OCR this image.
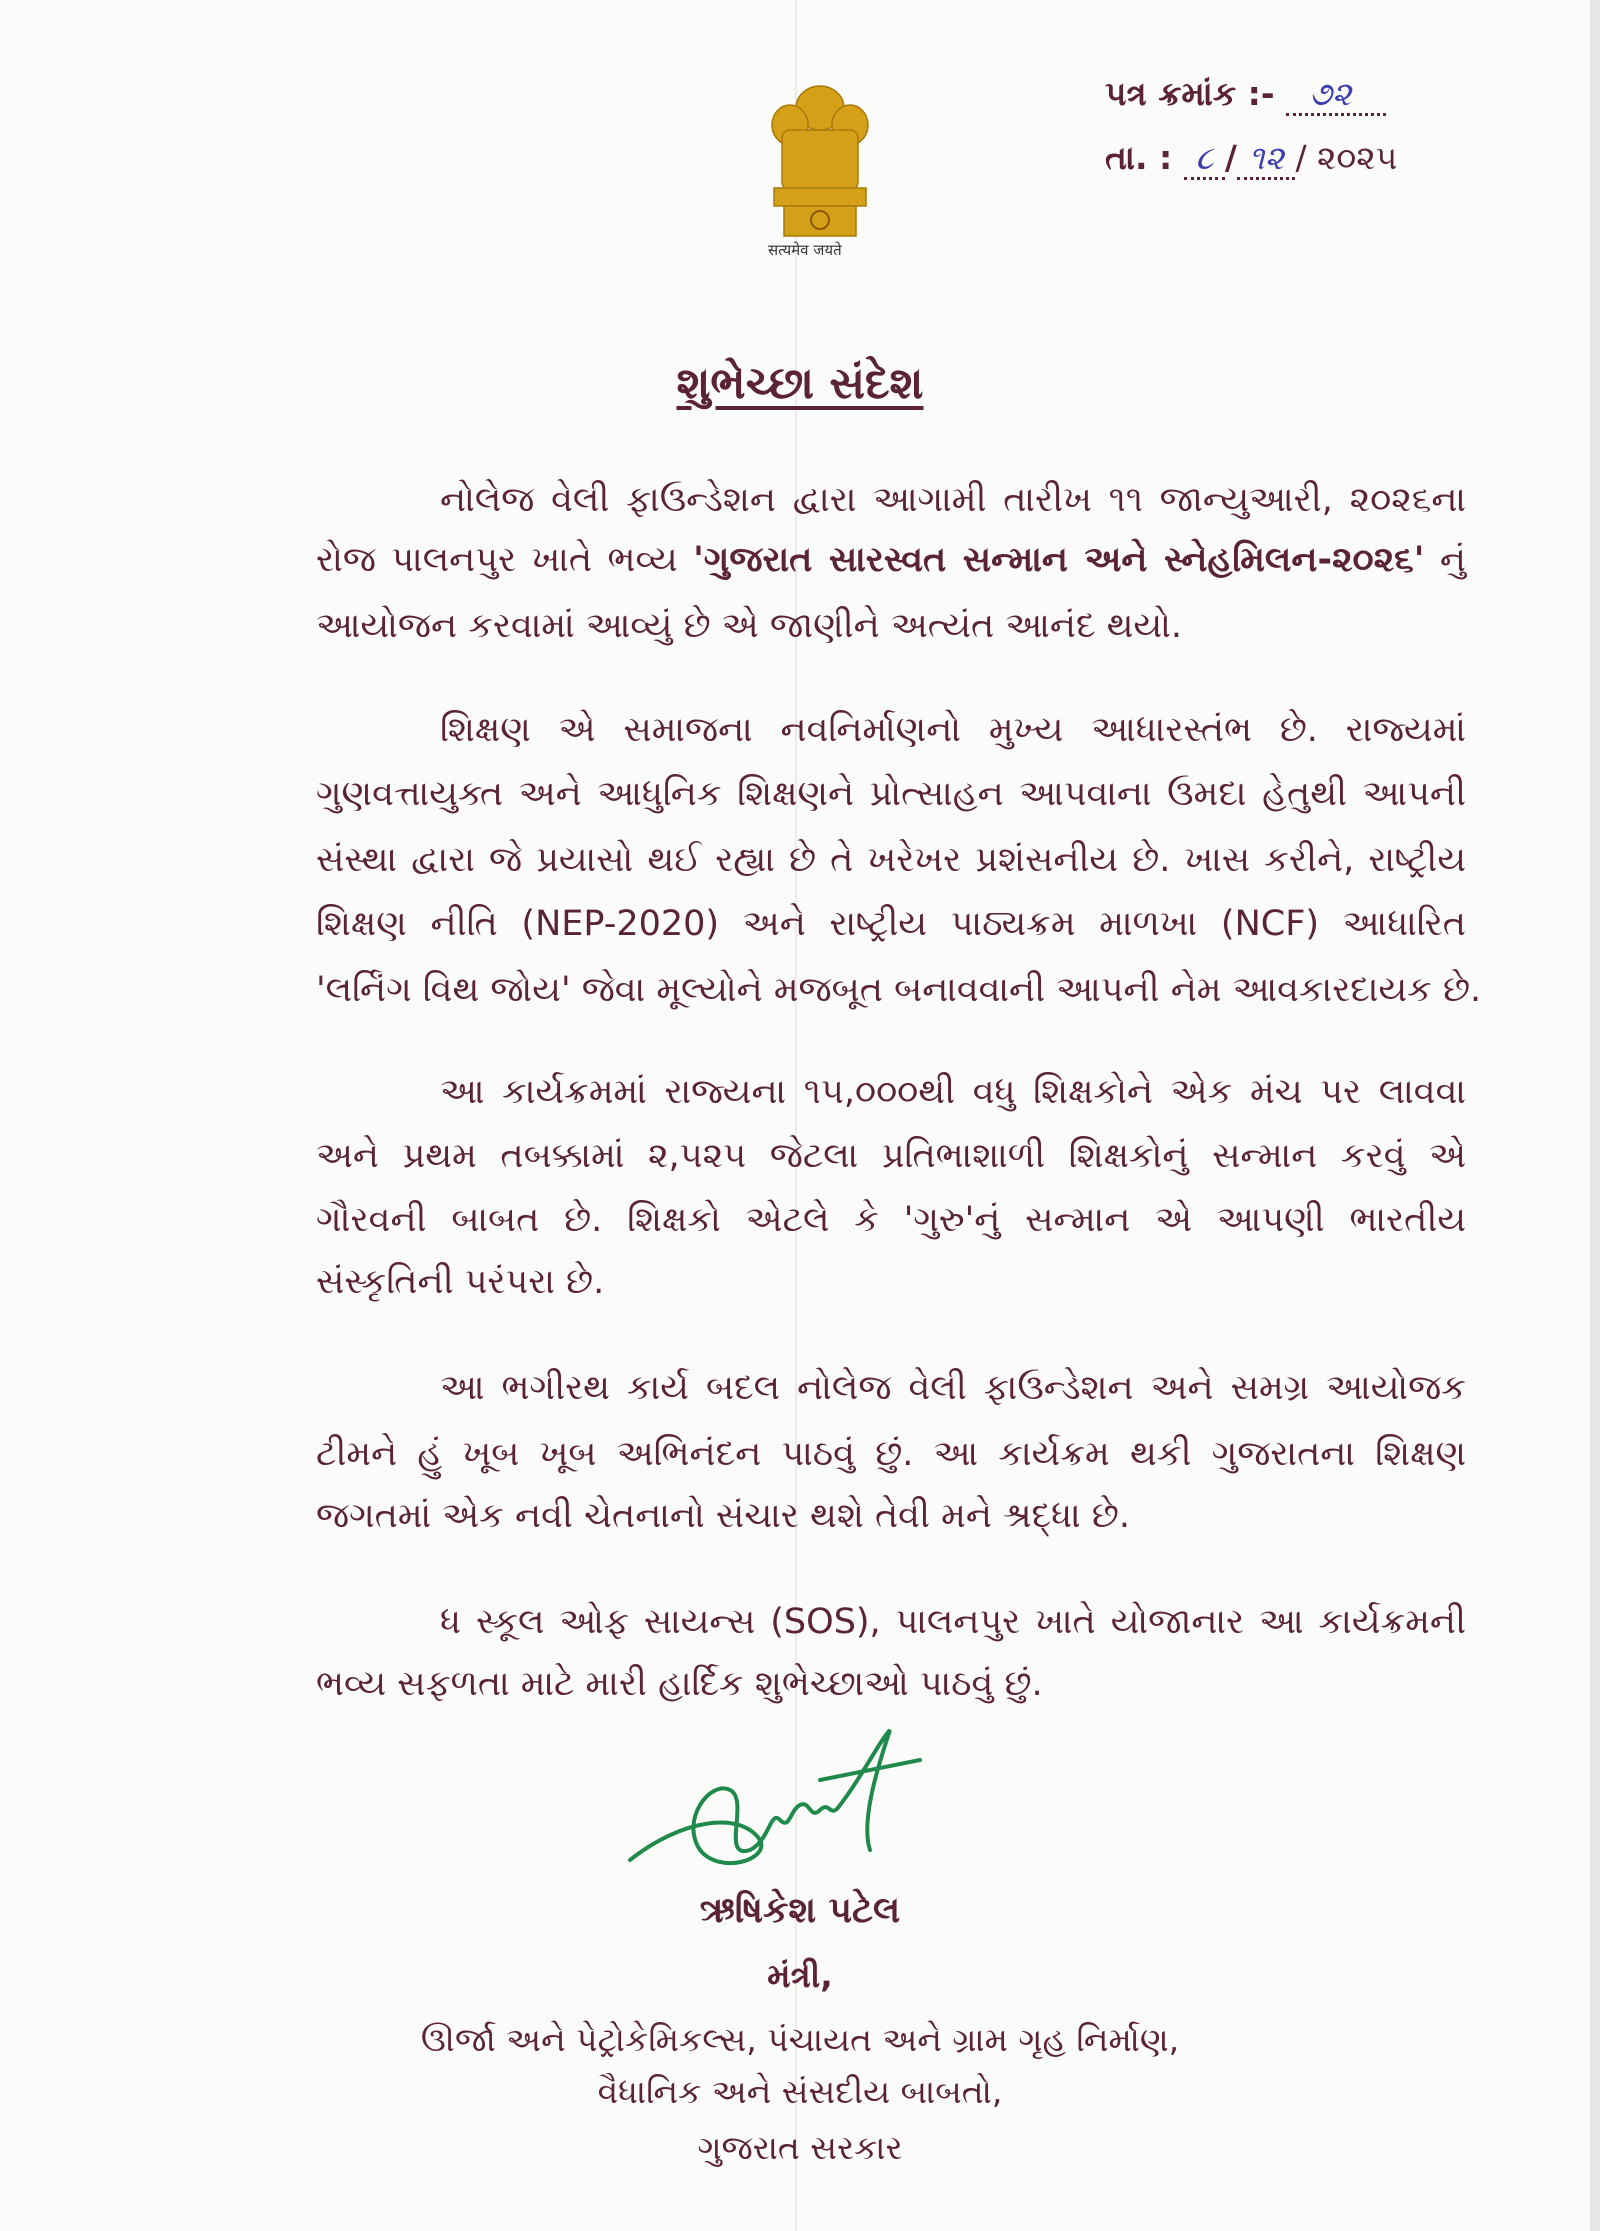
सत्यमेव जयते
પત્ર ક્રમાંક :- ૭૨
તા. : ૮ / ૧૨ / ૨૦૨૫
શુભેચ્છા સંદેશ
નોલેજ વેલી ફાઉન્ડેશન દ્વારા આગામી તારીખ ૧૧ જાન્યુઆરી, ૨૦૨૬ના
રોજ પાલનપુર ખાતે ભવ્ય 'ગુજરાત સારસ્વત સન્માન અને સ્નેહમિલન-૨૦૨૬' નું
આયોજન કરવામાં આવ્યું છે એ જાણીને અત્યંત આનંદ થયો.
શિક્ષણ એ સમાજના નવનિર્માણનો મુખ્ય આધારસ્તંભ છે. રાજ્યમાં
ગુણવત્તાયુક્ત અને આધુનિક શિક્ષણને પ્રોત્સાહન આપવાના ઉમદા હેતુથી આપની
સંસ્થા દ્વારા જે પ્રયાસો થઈ રહ્યા છે તે ખરેખર પ્રશંસનીય છે. ખાસ કરીને, રાષ્ટ્રીય
શિક્ષણ નીતિ (NEP-2020) અને રાષ્ટ્રીય પાઠ્યક્રમ માળખા (NCF) આધારિત
'લર્નિંગ વિથ જોય' જેવા મૂલ્યોને મજબૂત બનાવવાની આપની નેમ આવકારદાયક છે.
આ કાર્યક્રમમાં રાજ્યના ૧૫,૦૦૦થી વધુ શિક્ષકોને એક મંચ પર લાવવા
અને પ્રથમ તબક્કામાં ૨,૫૨૫ જેટલા પ્રતિભાશાળી શિક્ષકોનું સન્માન કરવું એ
ગૌરવની બાબત છે. શિક્ષકો એટલે કે 'ગુરુ'નું સન્માન એ આપણી ભારતીય
સંસ્કૃતિની પરંપરા છે.
આ ભગીરથ કાર્ય બદલ નોલેજ વેલી ફાઉન્ડેશન અને સમગ્ર આયોજક
ટીમને હું ખૂબ ખૂબ અભિનંદન પાઠવું છું. આ કાર્યક્રમ થકી ગુજરાતના શિક્ષણ
જગતમાં એક નવી ચેતનાનો સંચાર થશે તેવી મને શ્રદ્ધા છે.
ધ સ્કૂલ ઓફ સાયન્સ (SOS), પાલનપુર ખાતે યોજાનાર આ કાર્યક્રમની
ભવ્ય સફળતા માટે મારી હાર્દિક શુભેચ્છાઓ પાઠવું છું.
ઋષિકેશ પટેલ
મંત્રી,
ઊર્જા અને પેટ્રોકેમિકલ્સ, પંચાયત અને ગ્રામ ગૃહ નિર્માણ,
વૈધાનિક અને સંસદીય બાબતો,
ગુજરાત સરકાર
